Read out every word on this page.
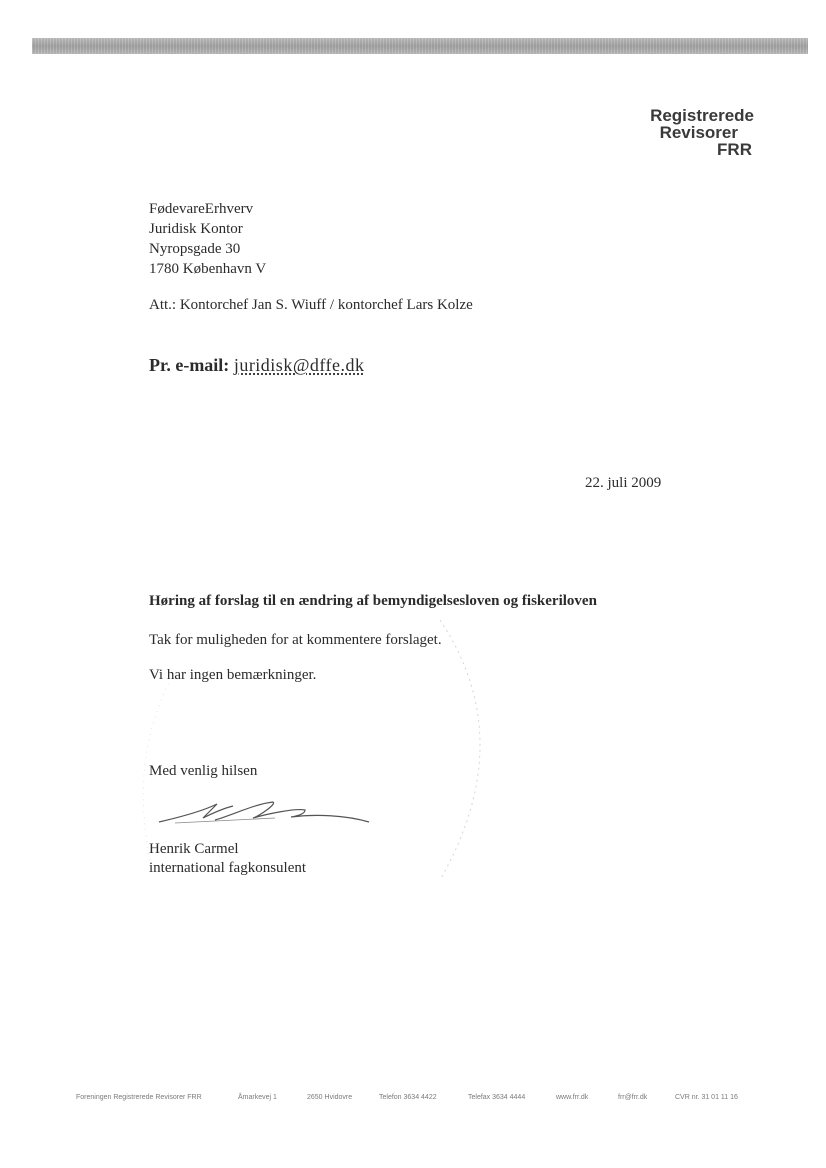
Registrerede
Revisorer
FRR
FødevareErhverv
Juridisk Kontor
Nyropsgade 30
1780 København V
Att.: Kontorchef Jan S. Wiuff / kontorchef Lars Kolze
Pr. e-mail: juridisk@dffe.dk
22. juli 2009
Høring af forslag til en ændring af bemyndigelsesloven og fiskeriloven
Tak for muligheden for at kommentere forslaget.
Vi har ingen bemærkninger.
Med venlig hilsen
Henrik Carmel
international fagkonsulent
Foreningen Registrerede Revisorer FRR	Åmarkevej 1	2650 Hvidovre	Telefon 3634 4422	Telefax 3634 4444	www.frr.dk	frr@frr.dk	CVR nr. 31 01 11 16
